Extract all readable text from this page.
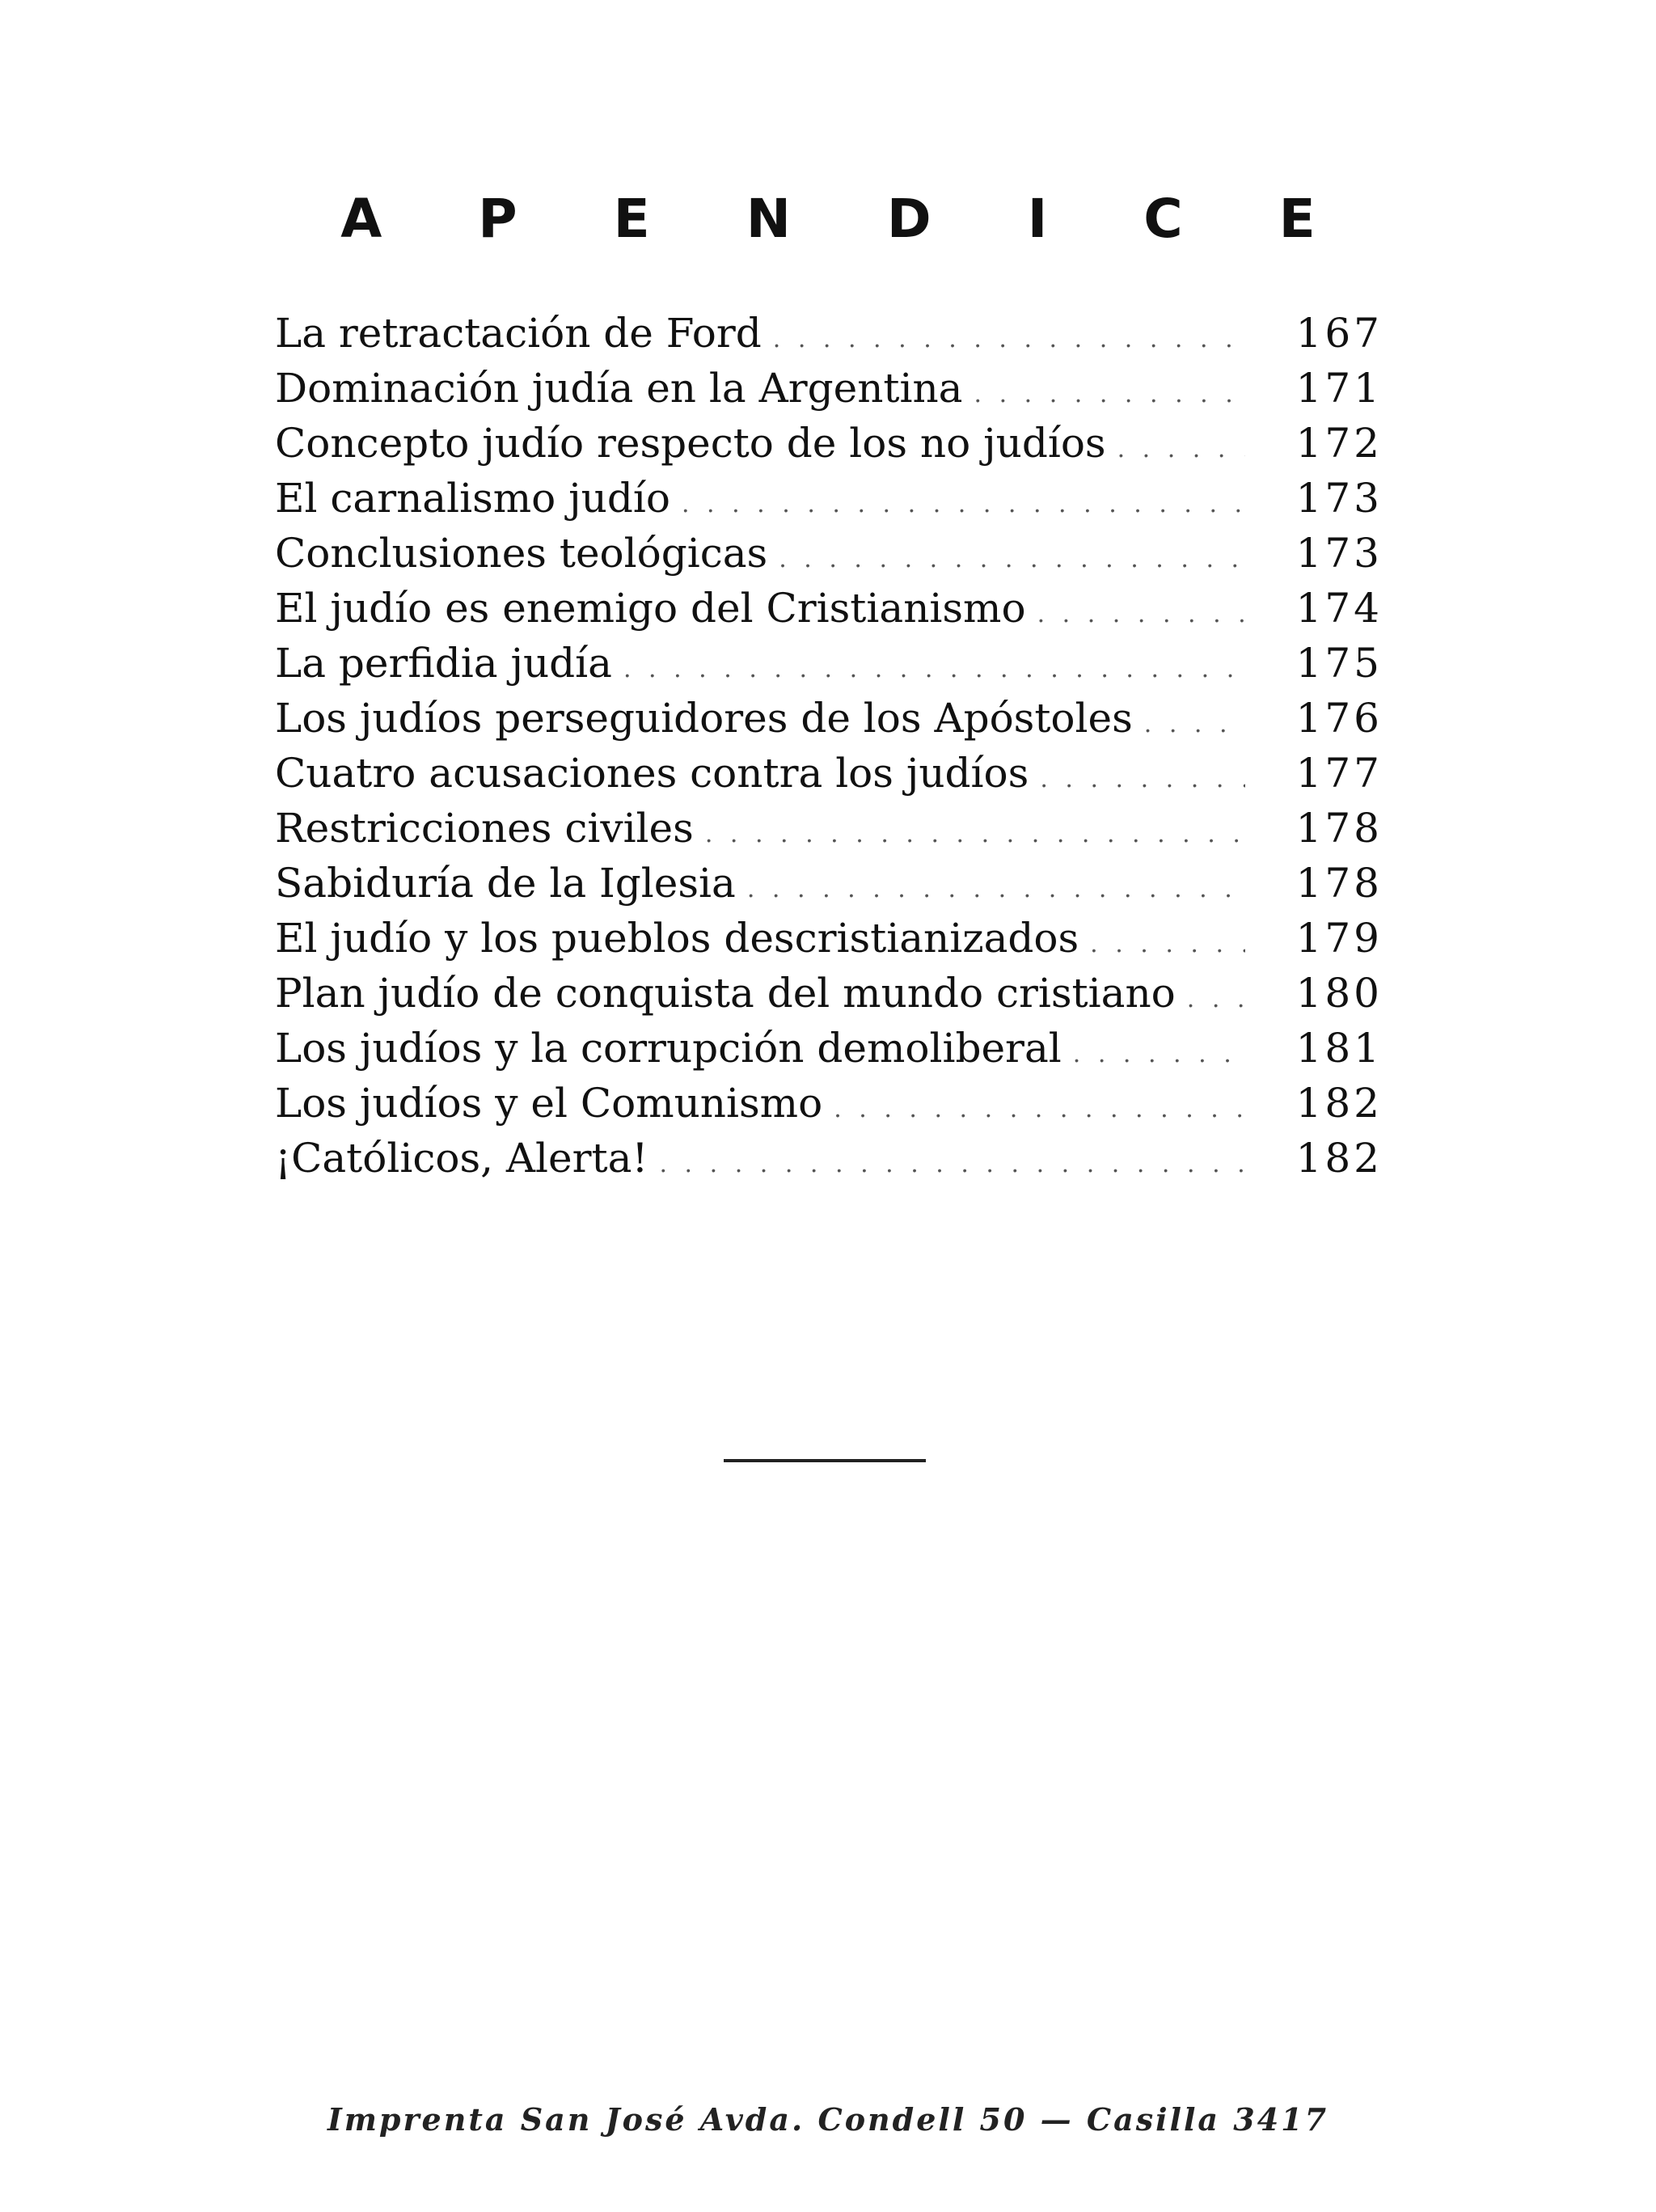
A P E N D I C E
La retractación de Ford . . .	167
Dominación judía en la Argentina . . .	171
Concepto judío respecto de los no judíos . . .	172
El carnalismo judío . . .	173
Conclusiones teológicas . . .	173
El judío es enemigo del Cristianismo . . .	174
La perfidia judía . . .	175
Los judíos perseguidores de los Apóstoles . . .	176
Cuatro acusaciones contra los judíos . . .	177
Restricciones civiles . . .	178
Sabiduría de la Iglesia . . .	178
El judío y los pueblos descristianizados . . .	179
Plan judío de conquista del mundo cristiano . . .	180
Los judíos y la corrupción demoliberal . . .	181
Los judíos y el Comunismo . . .	182
¡Católicos, Alerta! . . .	182
Imprenta San José Avda. Condell 50 — Casilla 3417
